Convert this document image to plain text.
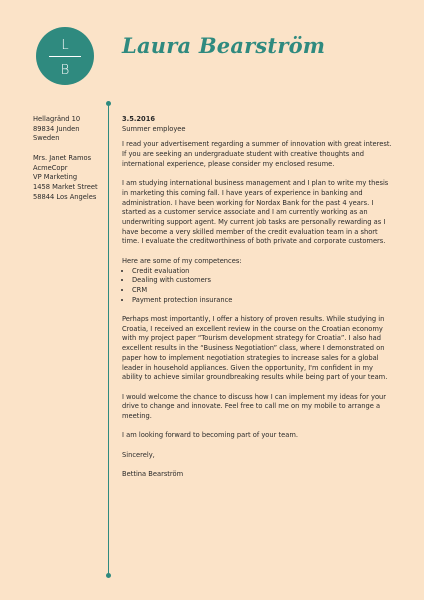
L
B
Laura Bearström
Hellagränd 10
89834 Junden
Sweden
Mrs. Janet Ramos
AcmeCopr
VP Marketing
1458 Market Street
58844 Los Angeles

3.5.2016

Summer employee

I read your advertisement regarding a summer of innovation with great interest. If you are seeking an undergraduate student with creative thoughts and international experience, please consider my enclosed resume.

I am studying international business management and I plan to write my thesis in marketing this coming fall. I have years of experience in banking and administration. I have been working for Nordax Bank for the past 4 years. I started as a customer service associate and I am currently working as an underwriting support agent. My current job tasks are personally rewarding as I have become a very skilled member of the credit evaluation team in a short time. I evaluate the creditworthiness of both private and corporate customers.

Here are some of my competences:

• Credit evaluation
• Dealing with customers
• CRM
• Payment protection insurance

Perhaps most importantly, I offer a history of proven results. While studying in Croatia, I received an excellent review in the course on the Croatian economy with my project paper “Tourism development strategy for Croatia”. I also had excellent results in the “Business Negotiation” class, where I demonstrated on paper how to implement negotiation strategies to increase sales for a global leader in household appliances. Given the opportunity, I'm confident in my ability to achieve similar groundbreaking results while being part of your team.

I would welcome the chance to discuss how I can implement my ideas for your drive to change and innovate. Feel free to call me on my mobile to arrange a meeting.

I am looking forward to becoming part of your team.

Sincerely,

Bettina Bearström
